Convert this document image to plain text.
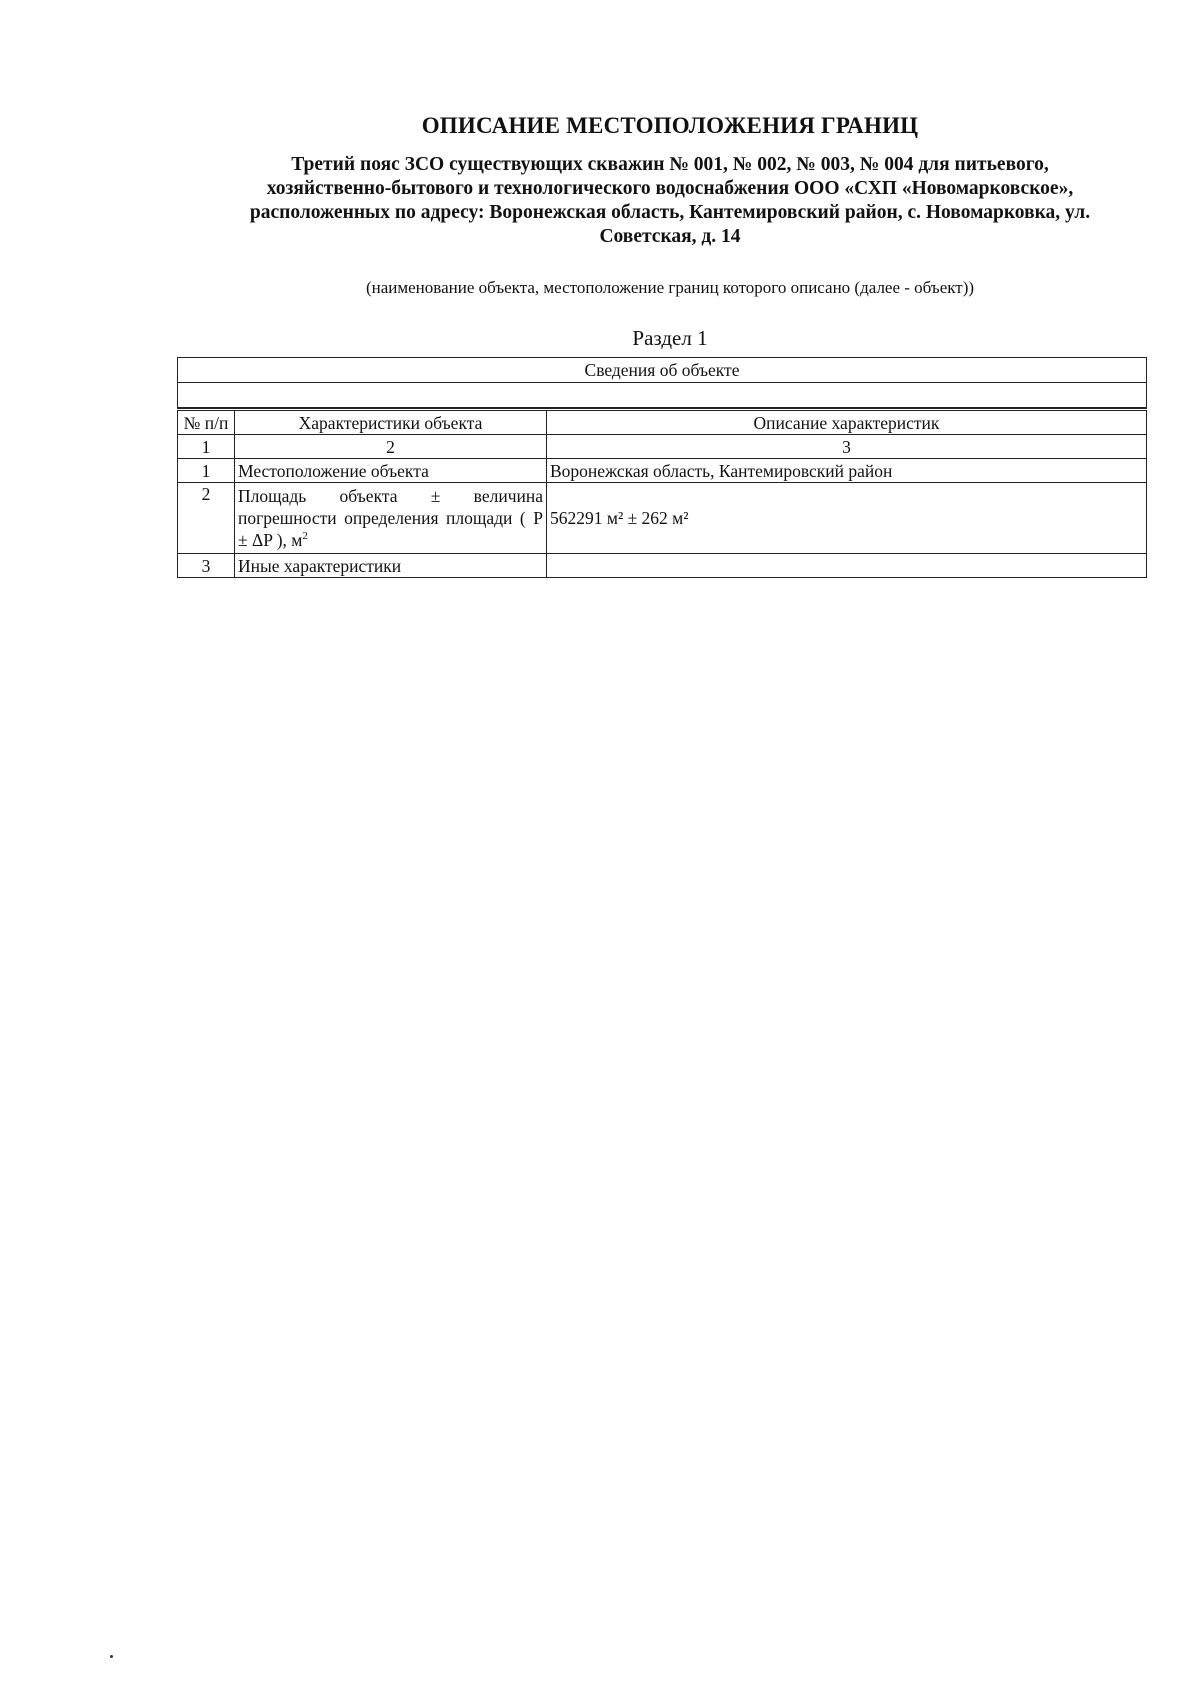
ОПИСАНИЕ МЕСТОПОЛОЖЕНИЯ ГРАНИЦ
Третий пояс ЗСО существующих скважин № 001, № 002, № 003, № 004 для питьевого,
хозяйственно-бытового и технологического водоснабжения ООО «СХП «Новомарковское»,
расположенных по адресу: Воронежская область, Кантемировский район, с. Новомарковка, ул.
Советская, д. 14
(наименование объекта, местоположение границ которого описано (далее - объект))
Раздел 1
Сведения об объекте
№ п/п	Характеристики объекта	Описание характеристик
1	2	3
1	Местоположение объекта	Воронежская область, Кантемировский район
2	Площадь объекта ± величина погрешности определения площади ( P ± ΔP ), $м^2$	562291 м² ± 262 м²
3	Иные характеристики	
